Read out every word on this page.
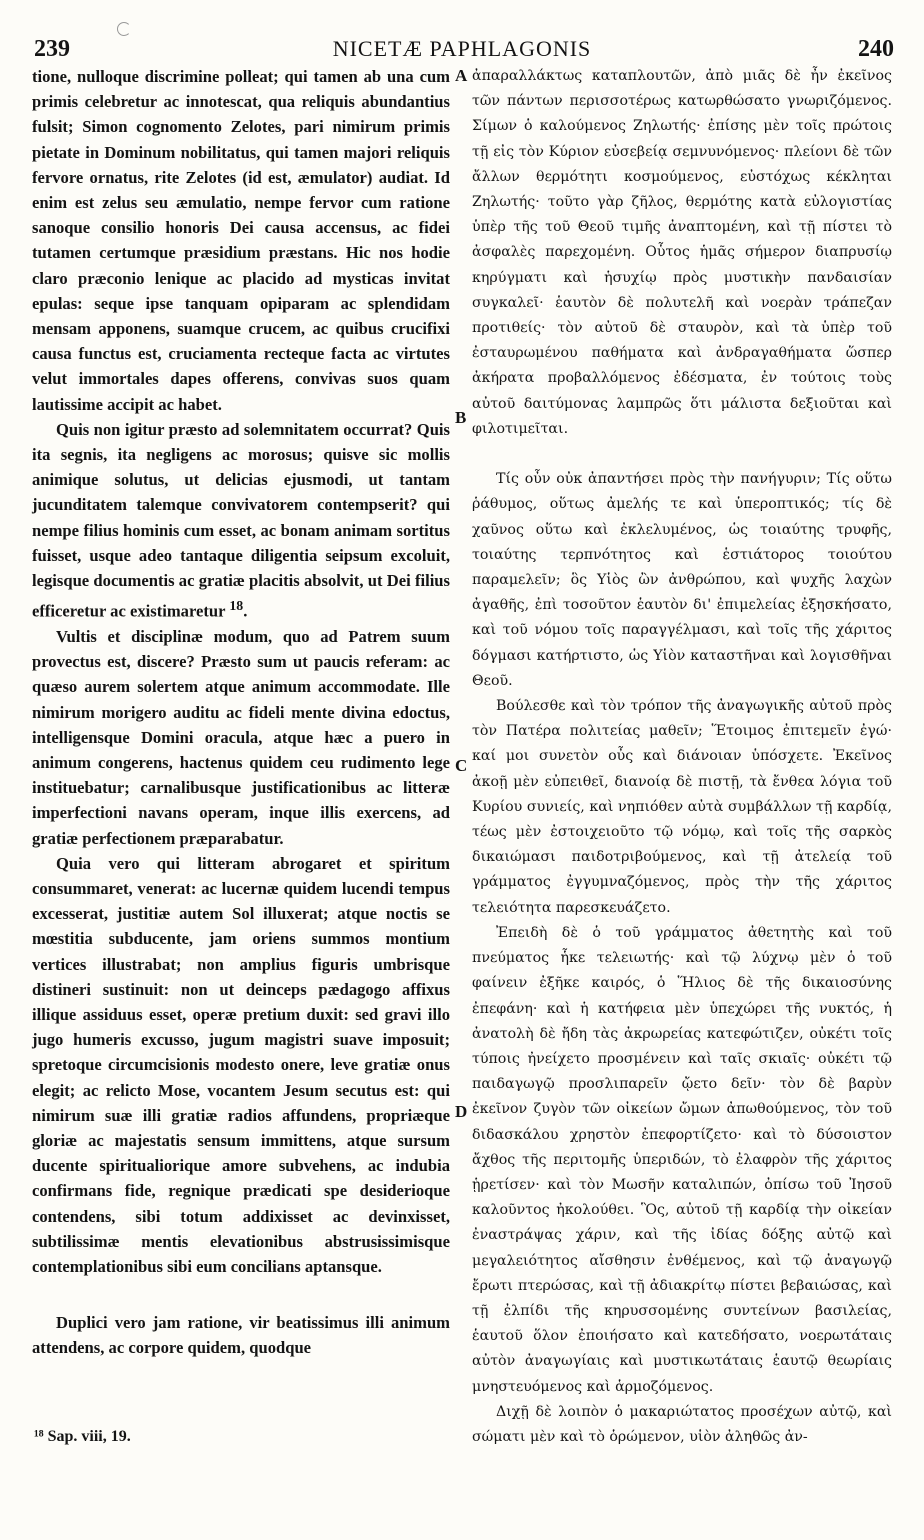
239	NICETÆ PAPHLAGONIS	240
A
B
C
D

tione, nulloque discrimine polleat; qui tamen ab una cum primis celebretur ac innotescat, qua reliquis abundantius fulsit; Simon cognomento Zelotes, pari nimirum primis pietate in Dominum nobilitatus, qui tamen majori reliquis fervore ornatus, rite Zelotes (id est, æmulator) audiat. Id enim est zelus seu æmulatio, nempe fervor cum ratione sanoque consilio honoris Dei causa accensus, ac fidei tutamen certumque præsidium præstans. Hic nos hodie claro præconio lenique ac placido ad mysticas invitat epulas: seque ipse tanquam opiparam ac splendidam mensam apponens, suamque crucem, ac quibus crucifixi causa functus est, cruciamenta recteque facta ac virtutes velut immortales dapes offerens, convivas suos quam lautissime accipit ac habet.

Quis non igitur præsto ad solemnitatem occurrat? Quis ita segnis, ita negligens ac morosus; quisve sic mollis animique solutus, ut delicias ejusmodi, ut tantam jucunditatem talemque convivatorem contempserit? qui nempe filius hominis cum esset, ac bonam animam sortitus fuisset, usque adeo tantaque diligentia seipsum excoluit, legisque documentis ac gratiæ placitis absolvit, ut Dei filius efficeretur ac existimaretur $^{18}$.

Vultis et disciplinæ modum, quo ad Patrem suum provectus est, discere? Præsto sum ut paucis referam: ac quæso aurem solertem atque animum accommodate. Ille nimirum morigero auditu ac fideli mente divina edoctus, intelligensque Domini oracula, atque hæc a puero in animum congerens, hactenus quidem ceu rudimento lege instituebatur; carnalibusque justificationibus ac litteræ imperfectioni navans operam, inque illis exercens, ad gratiæ perfectionem præparabatur.

Quia vero qui litteram abrogaret et spiritum consummaret, venerat: ac lucernæ quidem lucendi tempus excesserat, justitiæ autem Sol illuxerat; atque noctis se mœstitia subducente, jam oriens summos montium vertices illustrabat; non amplius figuris umbrisque distineri sustinuit: non ut deinceps pædagogo affixus illique assiduus esset, operæ pretium duxit: sed gravi illo jugo humeris excusso, jugum magistri suave imposuit; spretoque circumcisionis modesto onere, leve gratiæ onus elegit; ac relicto Mose, vocantem Jesum secutus est: qui nimirum suæ illi gratiæ radios affundens, propriæque gloriæ ac majestatis sensum immittens, atque sursum ducente spiritualiorique amore subvehens, ac indubia confirmans fide, regnique prædicati spe desiderioque contendens, sibi totum addixisset ac devinxisset, subtilissimæ mentis elevationibus abstrusissimisque contemplationibus sibi eum concilians aptansque.

Duplici vero jam ratione, vir beatissimus illi animum attendens, ac corpore quidem, quodque

ἀπαραλλάκτως καταπλουτῶν, ἀπὸ μιᾶς δὲ ἦν ἐκεῖνος τῶν πάντων περισσοτέρως κατωρθώσατο γνωριζόμενος. Σίμων ὁ καλούμενος Ζηλωτής· ἐπίσης μὲν τοῖς πρώτοις τῇ εἰς τὸν Κύριον εὐσεβείᾳ σεμνυνόμενος· πλείονι δὲ τῶν ἄλλων θερμότητι κοσμούμενος, εὐστόχως κέκληται Ζηλωτής· τοῦτο γὰρ ζῆλος, θερμότης κατὰ εὐλογιστίας ὑπὲρ τῆς τοῦ Θεοῦ τιμῆς ἀναπτομένη, καὶ τῇ πίστει τὸ ἀσφαλὲς παρεχομένη. Οὗτος ἡμᾶς σήμερον διαπρυσίῳ κηρύγματι καὶ ἡσυχίῳ πρὸς μυστικὴν πανδαισίαν συγκαλεῖ· ἑαυτὸν δὲ πολυτελῆ καὶ νοερὰν τράπεζαν προτιθείς· τὸν αὐτοῦ δὲ σταυρὸν, καὶ τὰ ὑπὲρ τοῦ ἐσταυρωμένου παθήματα καὶ ἀνδραγαθήματα ὥσπερ ἀκήρατα προβαλλόμενος ἐδέσματα, ἐν τούτοις τοὺς αὐτοῦ δαιτύμονας λαμπρῶς ὅτι μάλιστα δεξιοῦται καὶ φιλοτιμεῖται.

Τίς οὖν οὐκ ἀπαντήσει πρὸς τὴν πανήγυριν; Τίς οὕτω ῥάθυμος, οὕτως ἀμελής τε καὶ ὑπεροπτικός; τίς δὲ χαῦνος οὕτω καὶ ἐκλελυμένος, ὡς τοιαύτης τρυφῆς, τοιαύτης τερπνότητος καὶ ἑστιάτορος τοιούτου παραμελεῖν; ὃς Υἱὸς ὢν ἀνθρώπου, καὶ ψυχῆς λαχὼν ἀγαθῆς, ἐπὶ τοσοῦτον ἑαυτὸν δι' ἐπιμελείας ἐξησκήσατο, καὶ τοῦ νόμου τοῖς παραγγέλμασι, καὶ τοῖς τῆς χάριτος δόγμασι κατήρτιστο, ὡς Υἱὸν καταστῆναι καὶ λογισθῆναι Θεοῦ.

Βούλεσθε καὶ τὸν τρόπον τῆς ἀναγωγικῆς αὐτοῦ πρὸς τὸν Πατέρα πολιτείας μαθεῖν; Ἕτοιμος ἐπιτεμεῖν ἐγώ· καί μοι συνετὸν οὖς καὶ διάνοιαν ὑπόσχετε. Ἐκεῖνος ἀκοῇ μὲν εὐπειθεῖ, διανοίᾳ δὲ πιστῇ, τὰ ἔνθεα λόγια τοῦ Κυρίου συνιείς, καὶ νηπιόθεν αὐτὰ συμβάλλων τῇ καρδίᾳ, τέως μὲν ἐστοιχειοῦτο τῷ νόμῳ, καὶ τοῖς τῆς σαρκὸς δικαιώμασι παιδοτριβούμενος, καὶ τῇ ἀτελείᾳ τοῦ γράμματος ἐγγυμναζόμενος, πρὸς τὴν τῆς χάριτος τελειότητα παρεσκευάζετο.

Ἐπειδὴ δὲ ὁ τοῦ γράμματος ἀθετητὴς καὶ τοῦ πνεύματος ἧκε τελειωτής· καὶ τῷ λύχνῳ μὲν ὁ τοῦ φαίνειν ἐξῆκε καιρός, ὁ Ἥλιος δὲ τῆς δικαιοσύνης ἐπεφάνη· καὶ ἡ κατήφεια μὲν ὑπεχώρει τῆς νυκτός, ἡ ἀνατολὴ δὲ ἤδη τὰς ἀκρωρείας κατεφώτιζεν, οὐκέτι τοῖς τύποις ἠνείχετο προσμένειν καὶ ταῖς σκιαῖς· οὐκέτι τῷ παιδαγωγῷ προσλιπαρεῖν ᾤετο δεῖν· τὸν δὲ βαρὺν ἐκεῖνον ζυγὸν τῶν οἰκείων ὤμων ἀπωθούμενος, τὸν τοῦ διδασκάλου χρηστὸν ἐπεφορτίζετο· καὶ τὸ δύσοιστον ἄχθος τῆς περιτομῆς ὑπεριδών, τὸ ἐλαφρὸν τῆς χάριτος ᾑρετίσεν· καὶ τὸν Μωσῆν καταλιπών, ὀπίσω τοῦ Ἰησοῦ καλοῦντος ἠκολούθει. Ὃς, αὐτοῦ τῇ καρδίᾳ τὴν οἰκείαν ἐναστράψας χάριν, καὶ τῆς ἰδίας δόξης αὐτῷ καὶ μεγαλειότητος αἴσθησιν ἐνθέμενος, καὶ τῷ ἀναγωγῷ ἔρωτι πτερώσας, καὶ τῇ ἀδιακρίτῳ πίστει βεβαιώσας, καὶ τῇ ἐλπίδι τῆς κηρυσσομένης συντείνων βασιλείας, ἑαυτοῦ ὅλον ἐποιήσατο καὶ κατεδήσατο, νοερωτάταις αὐτὸν ἀναγωγίαις καὶ μυστικωτάταις ἑαυτῷ θεωρίαις μνηστευόμενος καὶ ἁρμοζόμενος.

Διχῇ δὲ λοιπὸν ὁ μακαριώτατος προσέχων αὐτῷ, καὶ σώματι μὲν καὶ τὸ ὁρώμενον, υἱὸν ἀληθῶς ἀν-

¹⁸ Sap. viii, 19.
